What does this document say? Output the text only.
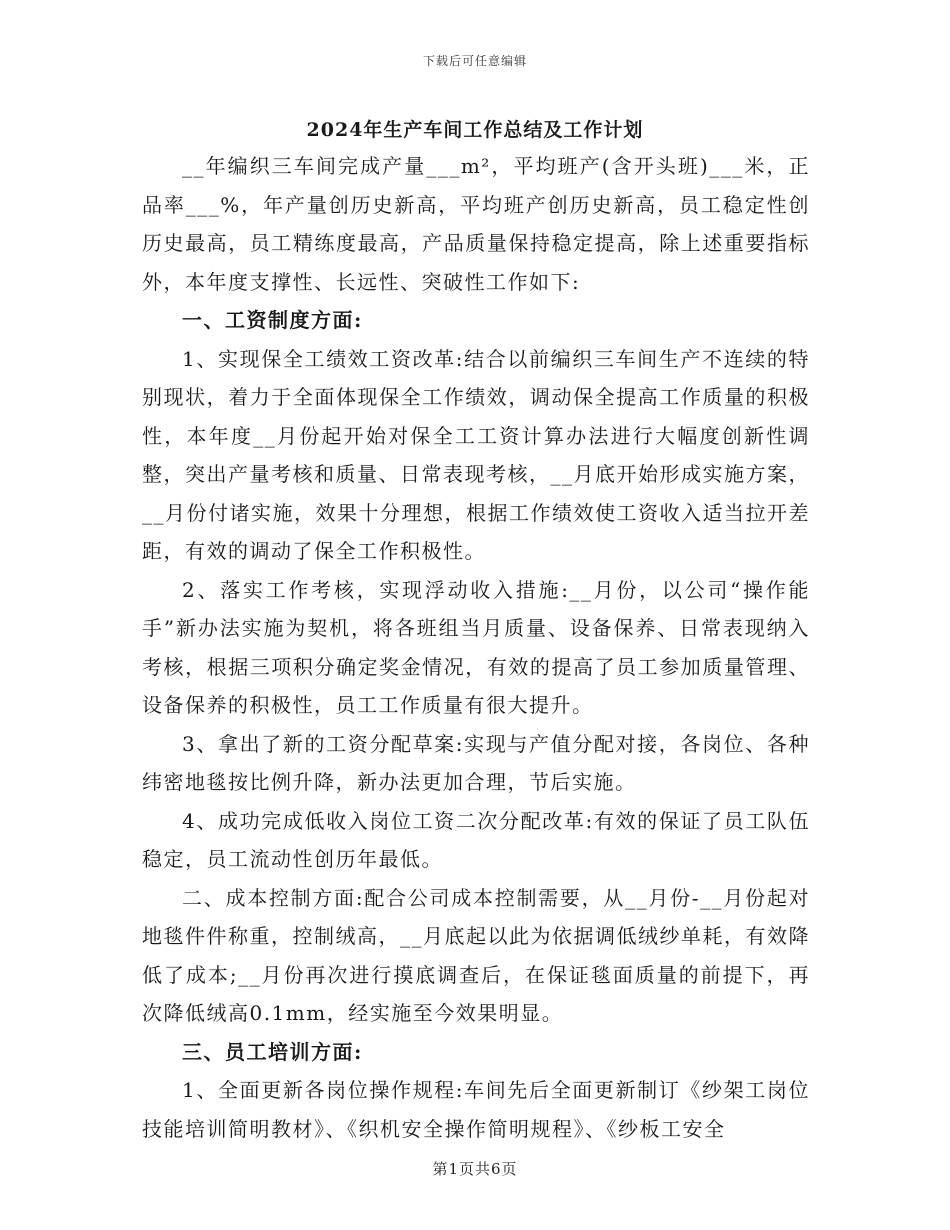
下载后可任意编辑
2024年生产车间工作总结及工作计划

__年编织三车间完成产量___m²，平均班产(含开头班)___米，正品率___%，年产量创历史新高，平均班产创历史新高，员工稳定性创历史最高，员工精练度最高，产品质量保持稳定提高，除上述重要指标外，本年度支撑性、长远性、突破性工作如下:

一、工资制度方面:

1、实现保全工绩效工资改革:结合以前编织三车间生产不连续的特别现状，着力于全面体现保全工作绩效，调动保全提高工作质量的积极性，本年度__月份起开始对保全工工资计算办法进行大幅度创新性调整，突出产量考核和质量、日常表现考核，__月底开始形成实施方案，__月份付诸实施，效果十分理想，根据工作绩效使工资收入适当拉开差距，有效的调动了保全工作积极性。

2、落实工作考核，实现浮动收入措施:__月份，以公司“操作能手”新办法实施为契机，将各班组当月质量、设备保养、日常表现纳入考核，根据三项积分确定奖金情况，有效的提高了员工参加质量管理、设备保养的积极性，员工工作质量有很大提升。

3、拿出了新的工资分配草案:实现与产值分配对接，各岗位、各种纬密地毯按比例升降，新办法更加合理，节后实施。

4、成功完成低收入岗位工资二次分配改革:有效的保证了员工队伍稳定，员工流动性创历年最低。

二、成本控制方面:配合公司成本控制需要，从__月份-__月份起对地毯件件称重，控制绒高，__月底起以此为依据调低绒纱单耗，有效降低了成本;__月份再次进行摸底调查后，在保证毯面质量的前提下，再次降低绒高0.1mm，经实施至今效果明显。

三、员工培训方面:

1、全面更新各岗位操作规程:车间先后全面更新制订《纱架工岗位技能培训简明教材》、《织机安全操作简明规程》、《纱板工安全

第1页共6页
